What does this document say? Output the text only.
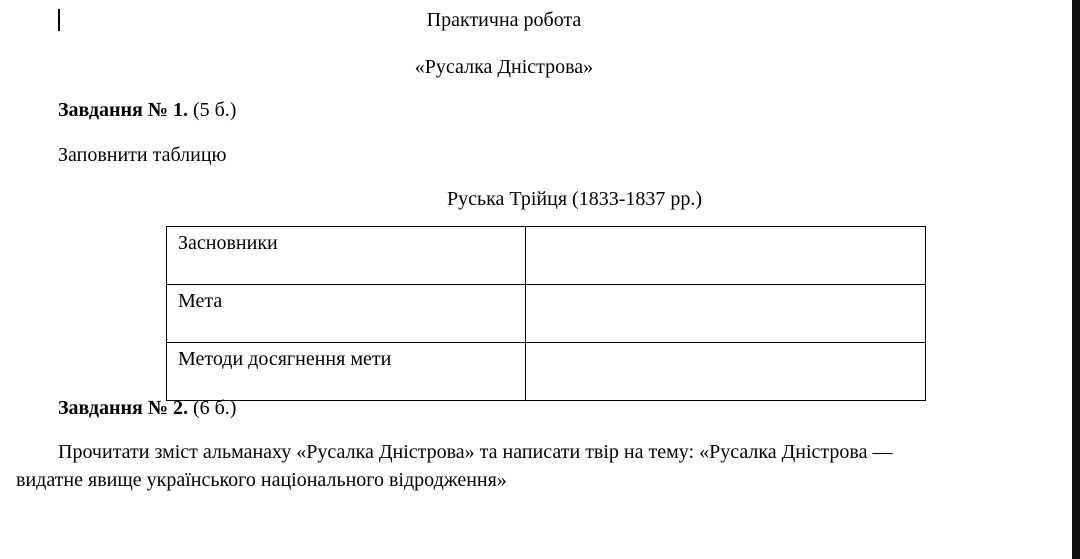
Практична робота
«Русалка Дністрова»
Завдання № 1. (5 б.)
Заповнити таблицю
Руська Трійця (1833-1837 рр.)
Засновники	
Мета	
Методи досягнення мети	
Завдання № 2. (6 б.)
Прочитати зміст альманаху «Русалка Дністрова» та написати твір на тему: «Русалка Дністрова —
видатне явище українського національного відродження»
